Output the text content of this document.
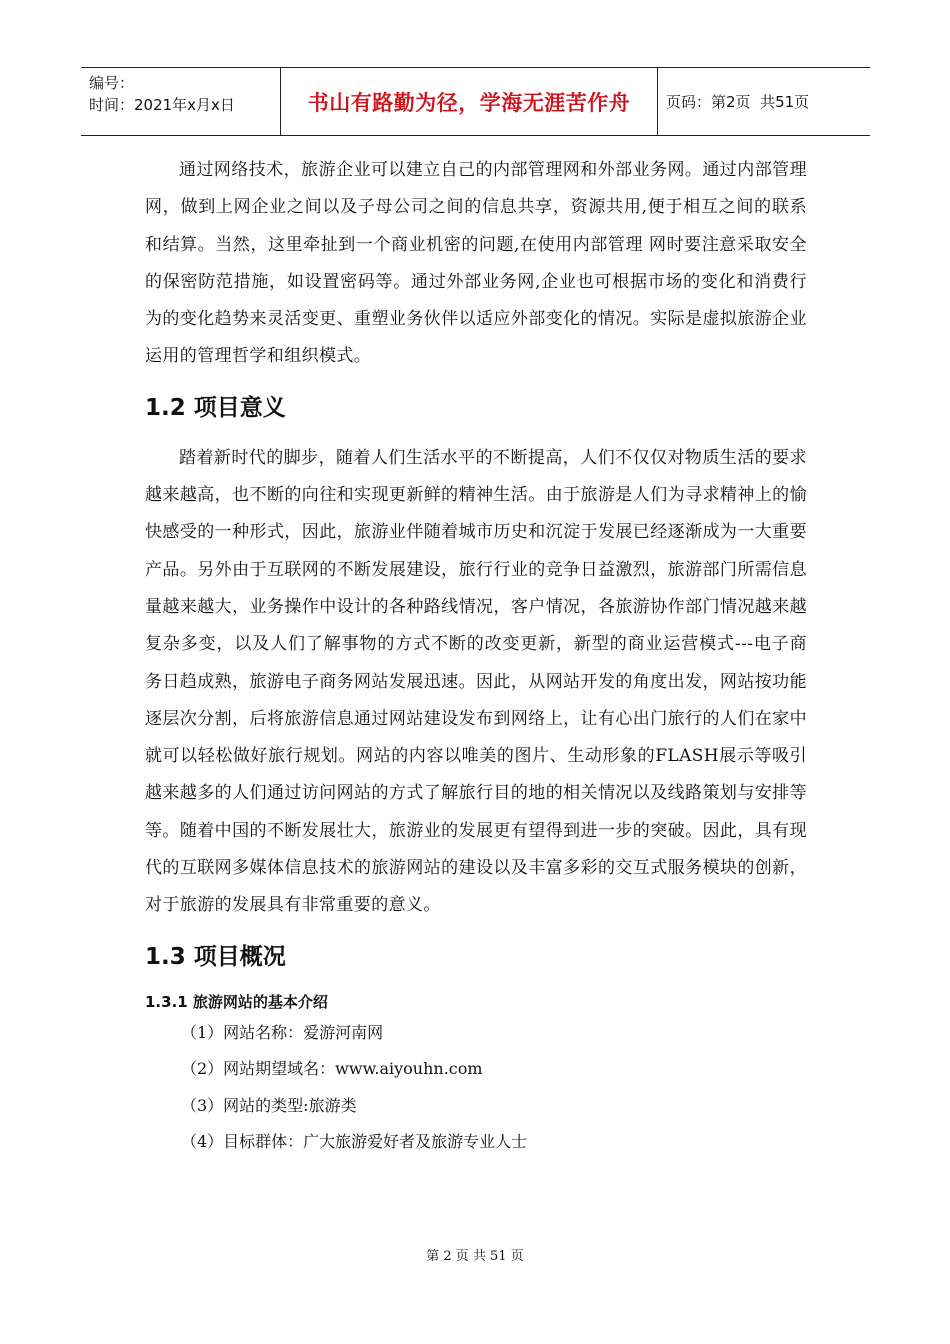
编号：
时间：2021年x月x日	书山有路勤为径，学海无涯苦作舟	页码：第2页  共51页

通过网络技术，旅游企业可以建立自己的内部管理网和外部业务网。通过内部管理网，做到上网企业之间以及子母公司之间的信息共享，资源共用,便于相互之间的联系和结算。当然，这里牵扯到一个商业机密的问题,在使用内部管理 网时要注意采取安全的保密防范措施，如设置密码等。通过外部业务网,企业也可根据市场的变化和消费行为的变化趋势来灵活变更、重塑业务伙伴以适应外部变化的情况。实际是虚拟旅游企业运用的管理哲学和组织模式。

1.2 项目意义

踏着新时代的脚步，随着人们生活水平的不断提高，人们不仅仅对物质生活的要求越来越高，也不断的向往和实现更新鲜的精神生活。由于旅游是人们为寻求精神上的愉快感受的一种形式，因此，旅游业伴随着城市历史和沉淀于发展已经逐渐成为一大重要产品。另外由于互联网的不断发展建设，旅行行业的竞争日益激烈，旅游部门所需信息量越来越大，业务操作中设计的各种路线情况，客户情况，各旅游协作部门情况越来越复杂多变，以及人们了解事物的方式不断的改变更新，新型的商业运营模式---电子商务日趋成熟，旅游电子商务网站发展迅速。因此，从网站开发的角度出发，网站按功能逐层次分割，后将旅游信息通过网站建设发布到网络上，让有心出门旅行的人们在家中就可以轻松做好旅行规划。网站的内容以唯美的图片、生动形象的FLASH展示等吸引越来越多的人们通过访问网站的方式了解旅行目的地的相关情况以及线路策划与安排等等。随着中国的不断发展壮大，旅游业的发展更有望得到进一步的突破。因此，具有现代的互联网多媒体信息技术的旅游网站的建设以及丰富多彩的交互式服务模块的创新，对于旅游的发展具有非常重要的意义。

1.3 项目概况
1.3.1 旅游网站的基本介绍
（1）网站名称：爱游河南网
（2）网站期望域名：www.aiyouhn.com
（3）网站的类型:旅游类
（4）目标群体：广大旅游爱好者及旅游专业人士
第 2 页 共 51 页
